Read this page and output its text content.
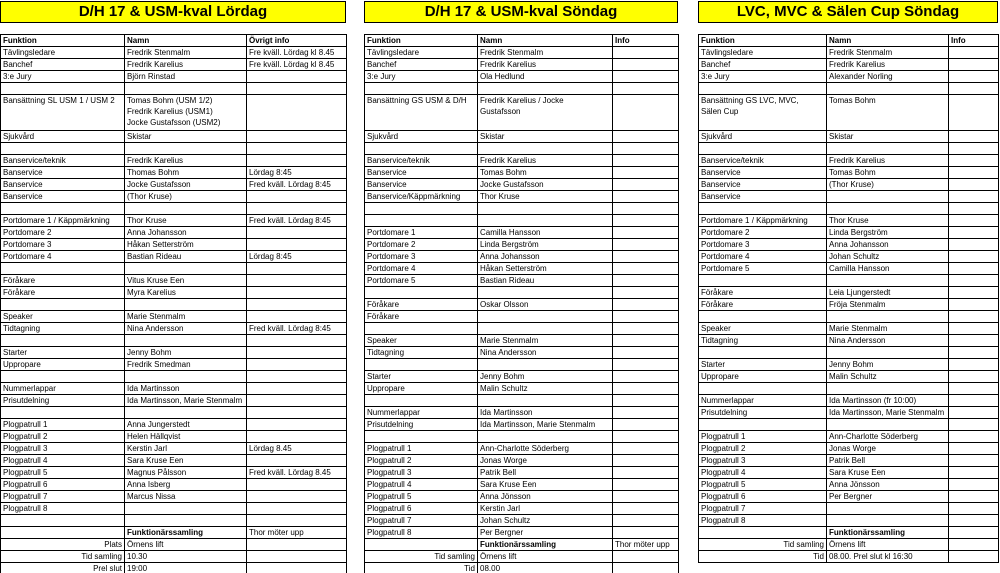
D/H 17 & USM-kval Lördag
Funktion	Namn	Övrigt info
Tävlingsledare	Fredrik Stenmalm	Fre kväll. Lördag kl 8.45
Banchef	Fredrik Karelius	Fre kväll. Lördag kl 8.45
3:e Jury	Björn Rinstad	

Bansättning SL USM 1 / USM 2	Tomas Bohm (USM 1/2)
Fredrik Karelius (USM1)
Jocke Gustafsson (USM2)	
Sjukvård	Skistar	

Banservice/teknik	Fredrik Karelius	
Banservice	Thomas Bohm	Lördag 8:45
Banservice	Jocke Gustafsson	Fred kväll. Lördag 8:45
Banservice	(Thor Kruse)	

Portdomare 1 / Käppmärkning	Thor Kruse	Fred kväll. Lördag 8:45
Portdomare 2	Anna Johansson	
Portdomare 3	Håkan Setterström	
Portdomare 4	Bastian Rideau	Lördag 8:45

Föråkare	Vitus Kruse Een	
Föråkare	Myra Karelius	

Speaker	Marie Stenmalm	
Tidtagning	Nina Andersson	Fred kväll. Lördag 8:45

Starter	Jenny Bohm	
Uppropare	Fredrik Smedman	

Nummerlappar	Ida Martinsson	
Prisutdelning	Ida Martinsson, Marie Stenmalm	

Plogpatrull 1	Anna Jungerstedt	
Plogpatrull 2	Helen Hällqvist	
Plogpatrull 3	Kerstin Jarl	Lördag 8.45
Plogpatrull 4	Sara Kruse Een	
Plogpatrull 5	Magnus Pålsson	Fred kväll. Lördag 8.45
Plogpatrull 6	Anna Isberg	
Plogpatrull 7	Marcus Nissa	
Plogpatrull 8		

	Funktionärssamling	Thor möter upp
Plats	Örnens lift	
Tid samling	10.30	
Prel slut	19:00	
D/H 17 & USM-kval Söndag
Funktion	Namn	Info
Tävlingsledare	Fredrik Stenmalm	
Banchef	Fredrik Karelius	
3:e Jury	Ola Hedlund	

Bansättning GS USM & D/H	Fredrik Karelius / Jocke
Gustafsson	
Sjukvård	Skistar	

Banservice/teknik	Fredrik Karelius	
Banservice	Tomas Bohm	
Banservice	Jocke Gustafsson	
Banservice/Käppmärkning	Thor Kruse	

Portdomare 1	Camilla Hansson	
Portdomare 2	Linda Bergström	
Portdomare 3	Anna Johansson	
Portdomare 4	Håkan Setterström	
Portdomare 5	Bastian Rideau	

Föråkare	Oskar Olsson	
Föråkare		

Speaker	Marie Stenmalm	
Tidtagning	Nina Andersson	

Starter	Jenny Bohm	
Uppropare	Malin Schultz	

Nummerlappar	Ida Martinsson	
Prisutdelning	Ida Martinsson, Marie Stenmalm	

Plogpatrull 1	Ann-Charlotte Söderberg	
Plogpatrull 2	Jonas Worge	
Plogpatrull 3	Patrik Bell	
Plogpatrull 4	Sara Kruse Een	
Plogpatrull 5	Anna Jönsson	
Plogpatrull 6	Kerstin Jarl	
Plogpatrull 7	Johan Schultz	
Plogpatrull 8	Per Bergner	
	Funktionärssamling	Thor möter upp
Tid samling	Örnens lift	
Tid	08.00	
LVC, MVC & Sälen Cup Söndag
Funktion	Namn	Info
Tävlingsledare	Fredrik Stenmalm	
Banchef	Fredrik Karelius	
3:e Jury	Alexander Norling	

Bansättning GS LVC, MVC,
Sälen Cup	Tomas Bohm	
Sjukvård	Skistar	

Banservice/teknik	Fredrik Karelius	
Banservice	Tomas Bohm	
Banservice	(Thor Kruse)	
Banservice		

Portdomare 1 / Käppmärkning	Thor Kruse	
Portdomare 2	Linda Bergström	
Portdomare 3	Anna Johansson	
Portdomare 4	Johan Schultz	
Portdomare 5	Camilla Hansson	

Föråkare	Leia Ljungerstedt	
Föråkare	Fröja Stenmalm	

Speaker	Marie Stenmalm	
Tidtagning	Nina Andersson	

Starter	Jenny Bohm	
Uppropare	Malin Schultz	

Nummerlappar	Ida Martinsson (fr 10:00)	
Prisutdelning	Ida Martinsson, Marie Stenmalm	

Plogpatrull 1	Ann-Charlotte Söderberg	
Plogpatrull 2	Jonas Worge	
Plogpatrull 3	Patrik Bell	
Plogpatrull 4	Sara Kruse Een	
Plogpatrull 5	Anna Jönsson	
Plogpatrull 6	Per Bergner	
Plogpatrull 7		
Plogpatrull 8		
	Funktionärssamling	
Tid samling	Örnens lift	
Tid	08.00. Prel slut kl 16:30	
